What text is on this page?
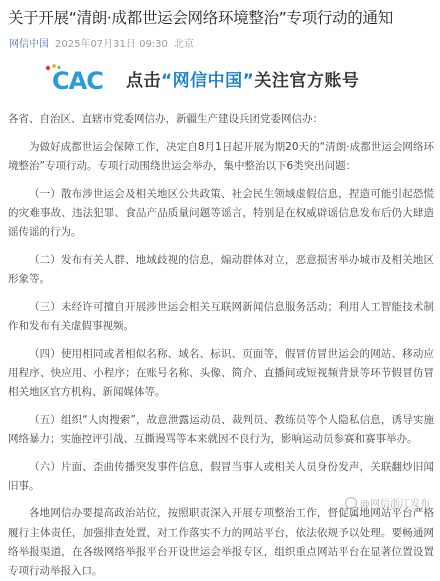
关于开展“清朗·成都世运会网络环境整治”专项行动的通知
网信中国 2025年07月31日 09:30 北京
CAC 点击“网信中国”关注官方账号
各省、自治区、直辖市党委网信办，新疆生产建设兵团党委网信办：
为做好成都世运会保障工作，决定自8月1日起开展为期20天的“清朗·成都世运会网络环境整治”专项行动。专项行动围绕世运会举办，集中整治以下6类突出问题：
（一）散布涉世运会及相关地区公共政策、社会民生领域虚假信息，捏造可能引起恐慌的灾难事故、违法犯罪、食品产品质量问题等谣言，特别是在权威辟谣信息发布后仍大肆造谣传谣的行为。
（二）发布有关人群、地域歧视的信息，煽动群体对立，恶意损害举办城市及相关地区形象等。
（三）未经许可擅自开展涉世运会相关互联网新闻信息服务活动；利用人工智能技术制作和发布有关虚假事视频。
（四）使用相同或者相似名称、域名、标识、页面等，假冒仿冒世运会的网站、移动应用程序、快应用、小程序；在账号名称、头像、简介、直播间或短视频背景等环节假冒仿冒相关地区官方机构、新闻媒体等。
（五）组织“人肉搜索”，故意泄露运动员、裁判员、教练员等个人隐私信息，诱导实施网络暴力；实施控评引战、互撕谩骂等本来就因不良行为，影响运动员参赛和赛事举办。
（六）片面、歪曲传播突发事件信息，假冒当事人或相关人员身份发声，关联翻炒旧闻旧事。
各地网信办要提高政治站位，按照职责深入开展专项整治工作，督促属地网站平台严格履行主体责任，加强排查处置，对工作落实不力的网站平台，依法依规予以处理。要畅通网络举报渠道，在各级网络举报平台开设世运会举报专区，组织重点网站平台在显著位置设置专项行动举报入口。
@网信浙江发布
